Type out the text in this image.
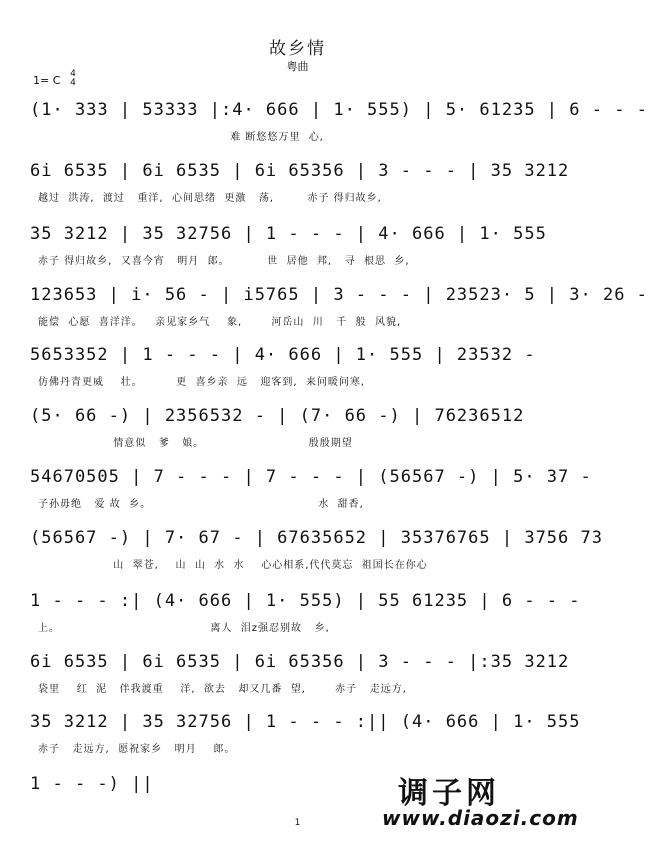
故乡情
粤曲
1= C	4
4
(1· 333 | 53333 |:4· 666 | 1· 555) | 5· 61235 | 6 - - -
难 断悠悠万里  心,
6i 6535 | 6i 6535 | 6i 65356 | 3 - - - | 35 3212
越过  洪涛,  渡过   重洋,  心间思绪  更激   荡,        赤子 得归故乡,
35 3212 | 35 32756 | 1 - - - | 4· 666 | 1· 555
赤子 得归故乡,  又喜今宵   明月  郎。         世  居他  邦,   寻  根思  乡,
123653 | i· 56 - | i5765 | 3 - - - | 23523· 5 | 3· 26 -
能偿  心愿  喜洋洋。   亲见家乡气    象,       河岳山  川   千  般  风貌,
5653352 | 1 - - - | 4· 666 | 1· 555 | 23532 -
仿佛丹青更威    壮。        更  喜乡亲  远   迎客到,  来问暖问寒,
(5· 66 -) | 2356532 - | (7· 66 -) | 76236512
情意似   爹   娘。                         殷殷期望
54670505 | 7 - - - | 7 - - - | (56567 -) | 5· 37 -
子孙毋绝   爱 故  乡。                                        水  甜香,
(56567 -) | 7· 67 - | 67635652 | 35376765 | 3756 73
山  翠苍,    山  山  水  水    心心相系,代代莫忘  祖国长在你心
1 - - - :| (4· 666 | 1· 555) | 55 61235 | 6 - - -
上。                                    离人  泪z强忍别故   乡,
6i 6535 | 6i 6535 | 6i 65356 | 3 - - - |:35 3212
袋里    红  泥   伴我渡重    洋,  欲去   却又几番  望,       赤子   走远方,
35 3212 | 35 32756 | 1 - - - :|| (4· 666 | 1· 555
赤子   走远方,  愿祝家乡   明月    郎。
1 - - -) ||	调子网
www.diaozi.com
1
